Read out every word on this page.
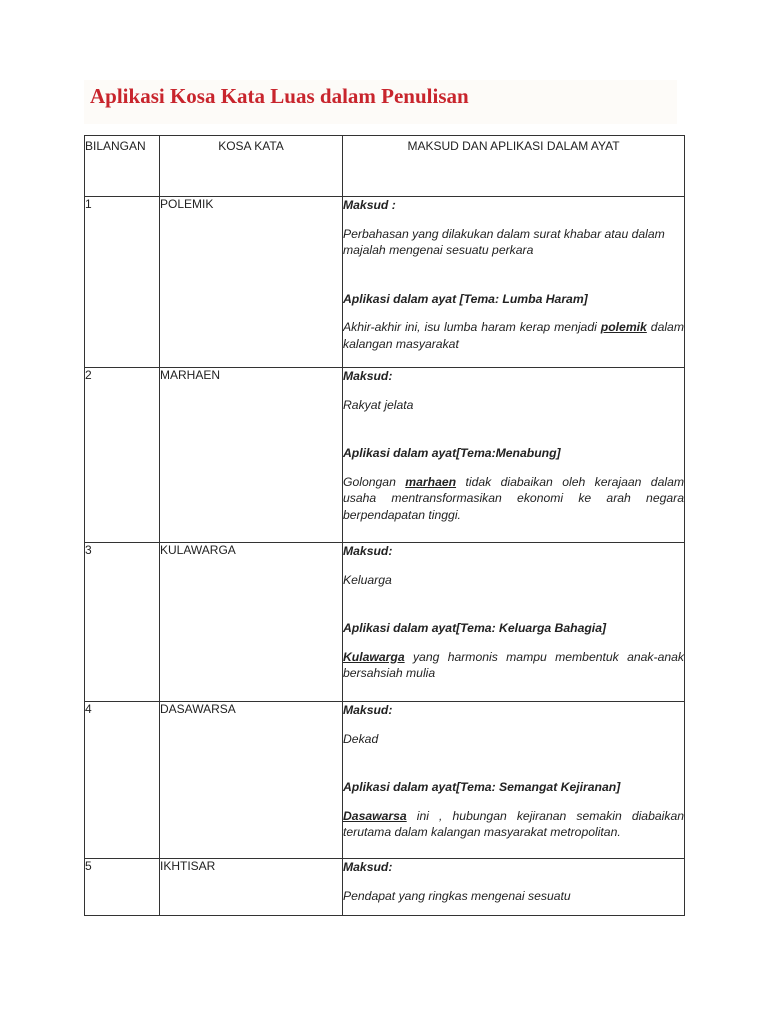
Aplikasi Kosa Kata Luas dalam Penulisan
BILANGAN	KOSA KATA	MAKSUD DAN APLIKASI DALAM AYAT
1	POLEMIK	Maksud :
Perbahasan yang dilakukan dalam surat khabar atau dalam majalah mengenai sesuatu perkara
Aplikasi dalam ayat [Tema: Lumba Haram]
Akhir-akhir ini, isu lumba haram kerap menjadi polemik dalam kalangan masyarakat

2	MARHAEN	Maksud:
Rakyat jelata
Aplikasi dalam ayat[Tema:Menabung]
Golongan marhaen tidak diabaikan oleh kerajaan dalam usaha mentransformasikan ekonomi ke arah negara berpendapatan tinggi.

3	KULAWARGA	Maksud:
Keluarga
Aplikasi dalam ayat[Tema: Keluarga Bahagia]
Kulawarga yang harmonis mampu membentuk anak-anak bersahsiah mulia

4	DASAWARSA	Maksud:
Dekad
Aplikasi dalam ayat[Tema: Semangat Kejiranan]
Dasawarsa ini , hubungan kejiranan semakin diabaikan terutama dalam kalangan masyarakat metropolitan.

5	IKHTISAR	Maksud:
Pendapat yang ringkas mengenai sesuatu
